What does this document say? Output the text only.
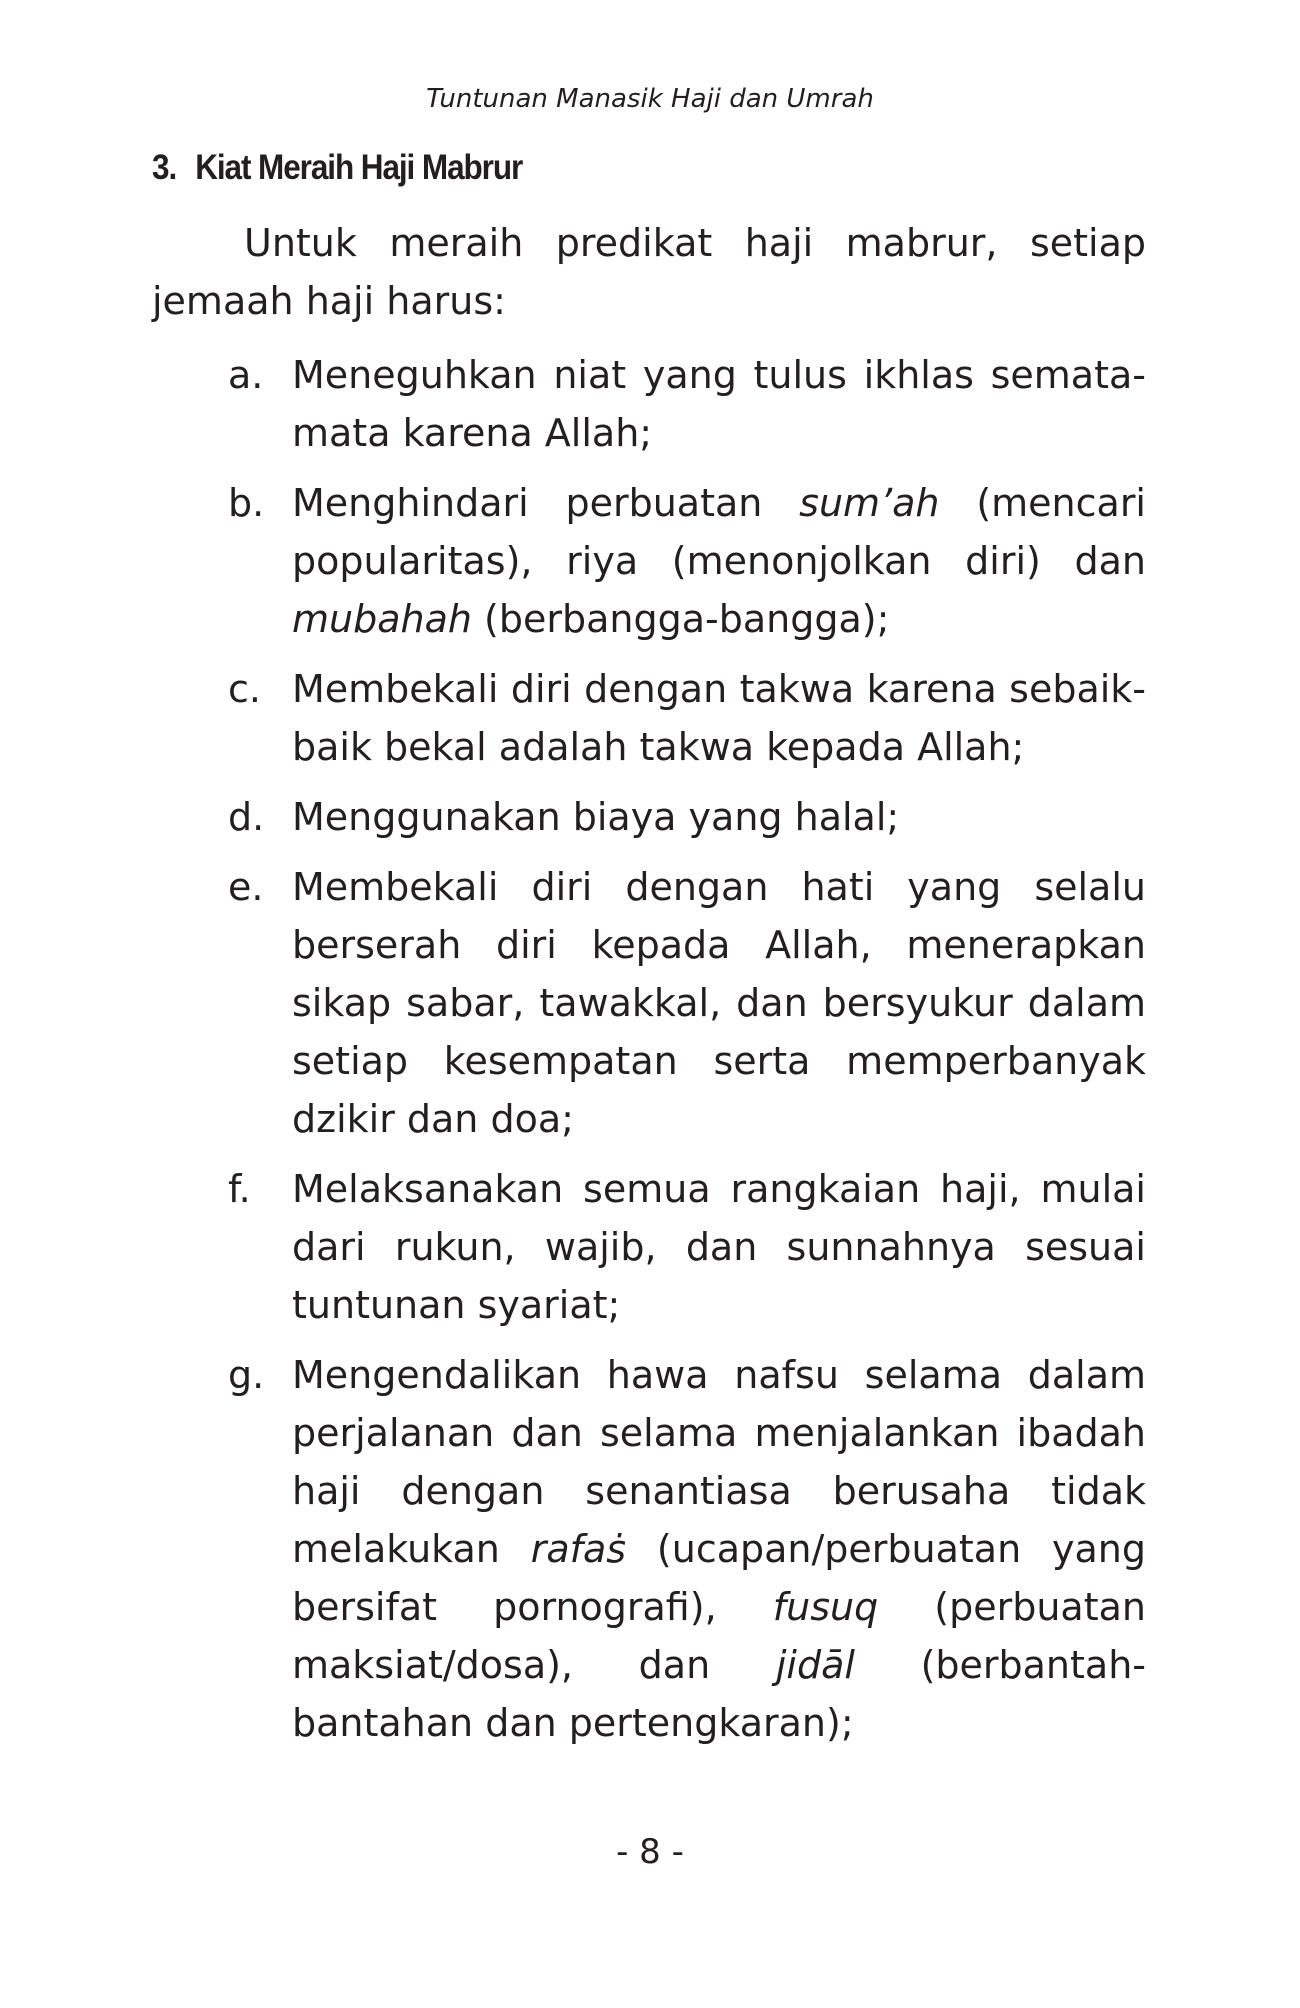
Tuntunan Manasik Haji dan Umrah
3. Kiat Meraih Haji Mabrur

Untuk meraih predikat haji mabrur, setiap jemaah haji harus:

a. Meneguhkan niat yang tulus ikhlas semata-mata karena Allah;
b. Menghindari perbuatan sum’ah (mencari popularitas), riya (menonjolkan diri) dan mubahah (berbangga-bangga);
c. Membekali diri dengan takwa karena sebaik-baik bekal adalah takwa kepada Allah;
d. Menggunakan biaya yang halal;
e. Membekali diri dengan hati yang selalu berserah diri kepada Allah, menerapkan sikap sabar, tawakkal, dan bersyukur dalam setiap kesempatan serta memperbanyak dzikir dan doa;
f.	Melaksanakan semua rangkaian haji, mulai dari rukun, wajib, dan sunnahnya sesuai tuntunan syariat;
g. Mengendalikan hawa nafsu selama dalam perjalanan dan selama menjalankan ibadah haji dengan senantiasa berusaha tidak melakukan rafaṡ (ucapan/perbuatan yang bersifat pornografi), fusuq (perbuatan maksiat/dosa), dan jidāl (berbantah-bantahan dan pertengkaran);
- 8 -
